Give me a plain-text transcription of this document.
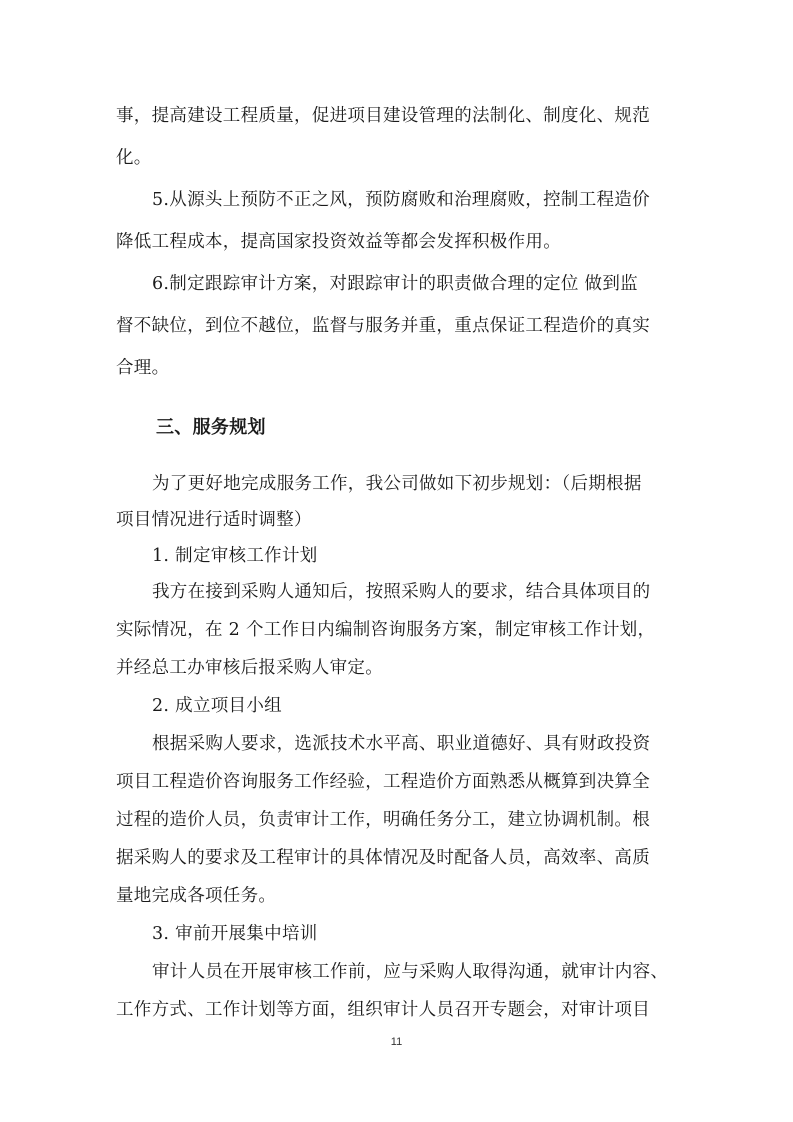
事，提高建设工程质量，促进项目建设管理的法制化、制度化、规范
化。
5.从源头上预防不正之风，预防腐败和治理腐败，控制工程造价
降低工程成本，提高国家投资效益等都会发挥积极作用。
6.制定跟踪审计方案，对跟踪审计的职责做合理的定位 做到监
督不缺位，到位不越位，监督与服务并重，重点保证工程造价的真实
合理。
三、服务规划
为了更好地完成服务工作，我公司做如下初步规划：（后期根据
项目情况进行适时调整）
1. 制定审核工作计划
我方在接到采购人通知后，按照采购人的要求，结合具体项目的
实际情况，在 2 个工作日内编制咨询服务方案，制定审核工作计划，
并经总工办审核后报采购人审定。
2. 成立项目小组
根据采购人要求，选派技术水平高、职业道德好、具有财政投资
项目工程造价咨询服务工作经验，工程造价方面熟悉从概算到决算全
过程的造价人员，负责审计工作，明确任务分工，建立协调机制。根
据采购人的要求及工程审计的具体情况及时配备人员，高效率、高质
量地完成各项任务。
3. 审前开展集中培训
审计人员在开展审核工作前，应与采购人取得沟通，就审计内容、
工作方式、工作计划等方面，组织审计人员召开专题会，对审计项目
11
